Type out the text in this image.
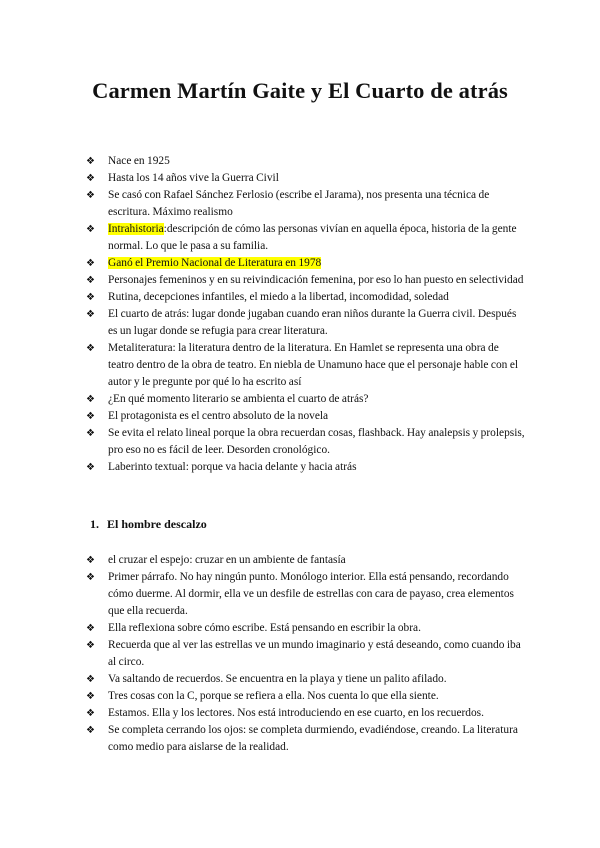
Carmen Martín Gaite y El Cuarto de atrás
❖ Nace en 1925
❖ Hasta los 14 años vive la Guerra Civil
❖ Se casó con Rafael Sánchez Ferlosio (escribe el Jarama), nos presenta una técnica de escritura. Máximo realismo
❖ Intrahistoria:descripción de cómo las personas vivían en aquella época, historia de la gente normal. Lo que le pasa a su familia.
❖ Ganó el Premio Nacional de Literatura en 1978
❖ Personajes femeninos y en su reivindicación femenina, por eso lo han puesto en selectividad
❖ Rutina, decepciones infantiles, el miedo a la libertad, incomodidad, soledad
❖ El cuarto de atrás: lugar donde jugaban cuando eran niños durante la Guerra civil. Después es un lugar donde se refugia para crear literatura.
❖ Metaliteratura: la literatura dentro de la literatura. En Hamlet se representa una obra de teatro dentro de la obra de teatro. En niebla de Unamuno hace que el personaje hable con el autor y le pregunte por qué lo ha escrito así
❖ ¿En qué momento literario se ambienta el cuarto de atrás?
❖ El protagonista es el centro absoluto de la novela
❖ Se evita el relato lineal porque la obra recuerdan cosas, flashback. Hay analepsis y prolepsis, pro eso no es fácil de leer. Desorden cronológico.
❖ Laberinto textual: porque va hacia delante y hacia atrás
1. El hombre descalzo
❖ el cruzar el espejo: cruzar en un ambiente de fantasía
❖ Primer párrafo. No hay ningún punto. Monólogo interior. Ella está pensando, recordando cómo duerme. Al dormir, ella ve un desfile de estrellas con cara de payaso, crea elementos que ella recuerda.
❖ Ella reflexiona sobre cómo escribe. Está pensando en escribir la obra.
❖ Recuerda que al ver las estrellas ve un mundo imaginario y está deseando, como cuando iba al circo.
❖ Va saltando de recuerdos. Se encuentra en la playa y tiene un palito afilado.
❖ Tres cosas con la C, porque se refiera a ella. Nos cuenta lo que ella siente.
❖ Estamos. Ella y los lectores. Nos está introduciendo en ese cuarto, en los recuerdos.
❖ Se completa cerrando los ojos: se completa durmiendo, evadiéndose, creando. La literatura como medio para aislarse de la realidad.
